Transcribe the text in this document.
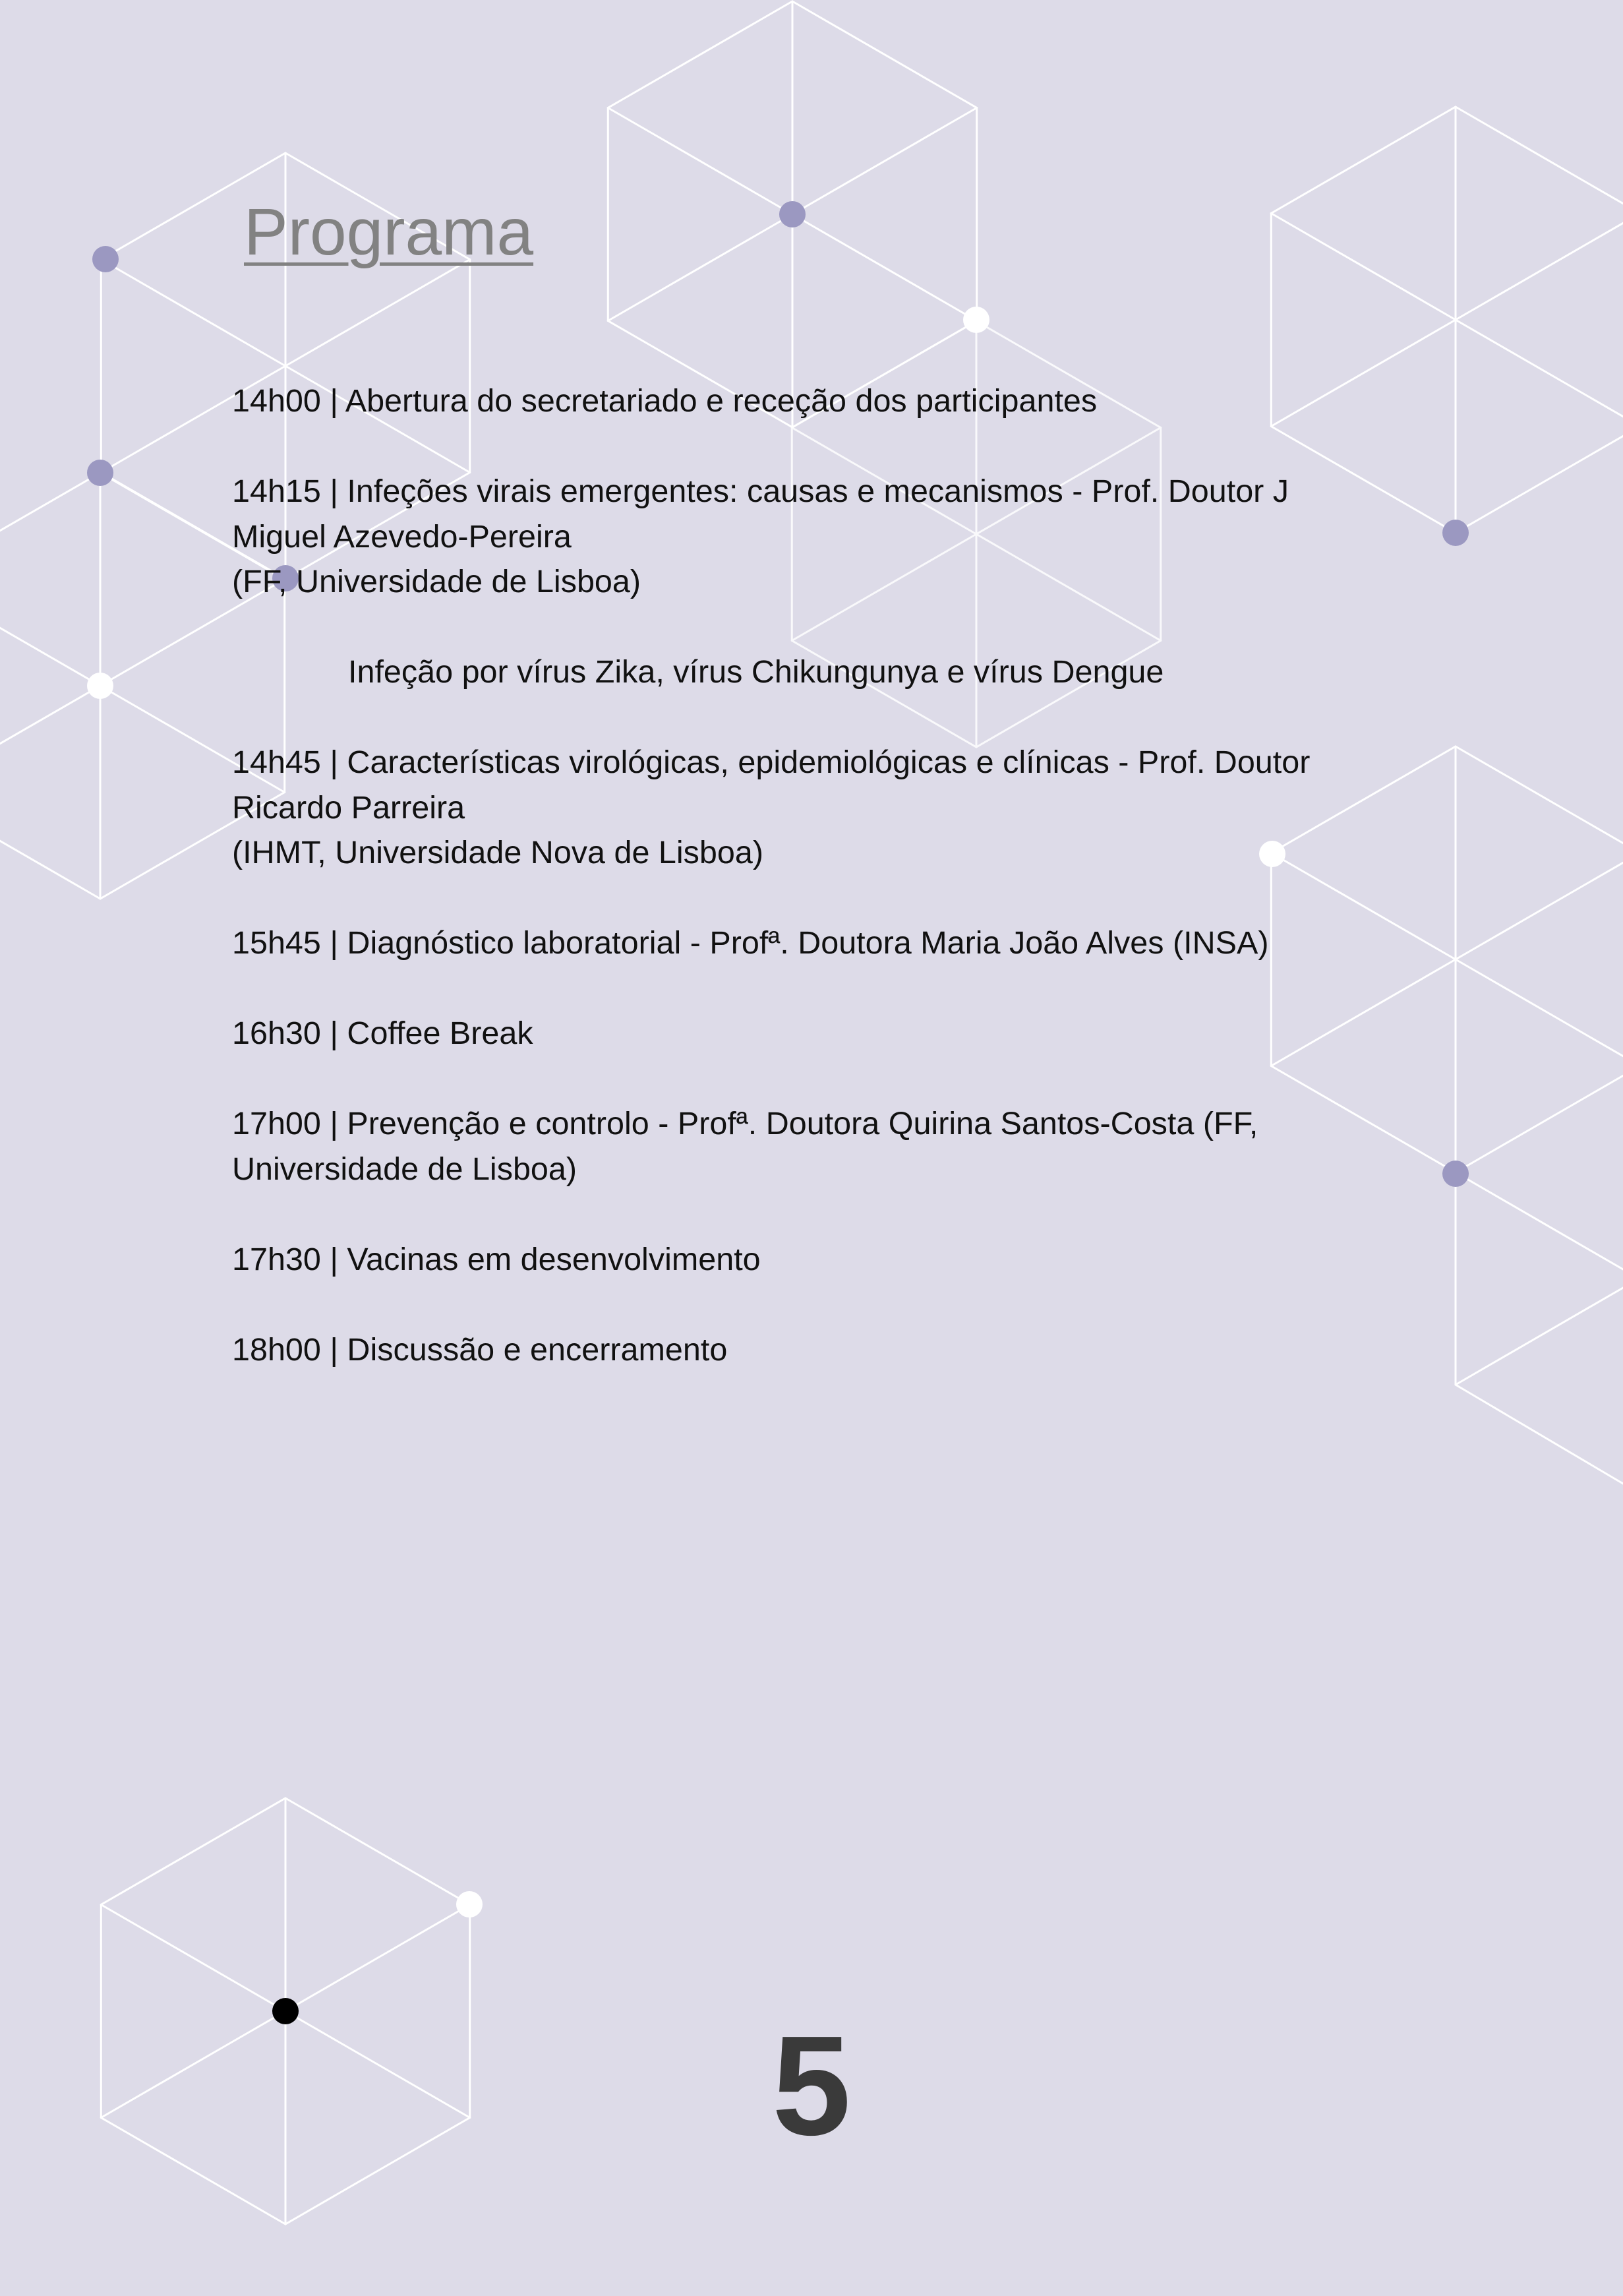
Programa
14h00 | Abertura do secretariado e receção dos participantes
14h15 | Infeções virais emergentes: causas e mecanismos - Prof. Doutor J
Miguel Azevedo-Pereira
(FF, Universidade de Lisboa)
Infeção por vírus Zika, vírus Chikungunya e vírus Dengue
14h45 | Características virológicas, epidemiológicas e clínicas - Prof. Doutor
Ricardo Parreira
(IHMT, Universidade Nova de Lisboa)
15h45 | Diagnóstico laboratorial - Profª. Doutora Maria João Alves (INSA)
16h30 | Coffee Break
17h00 | Prevenção e controlo - Profª. Doutora Quirina Santos-Costa (FF,
Universidade de Lisboa)
17h30 | Vacinas em desenvolvimento
18h00 | Discussão e encerramento
5
